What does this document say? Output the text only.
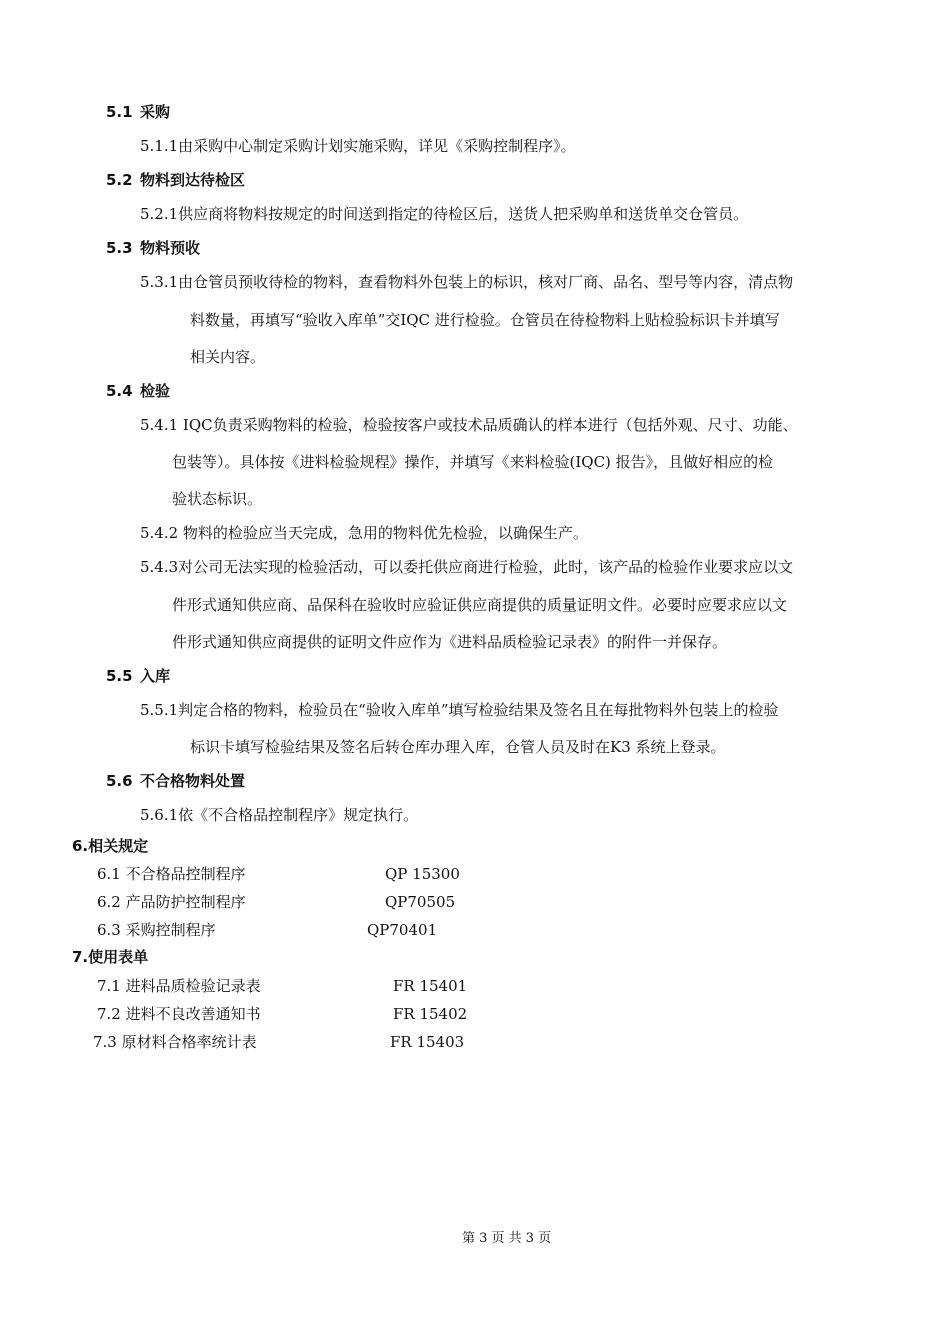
5.1 采购
5.1.1由采购中心制定采购计划实施采购，详见《采购控制程序》。
5.2 物料到达待检区
5.2.1供应商将物料按规定的时间送到指定的待检区后，送货人把采购单和送货单交仓管员。
5.3 物料预收
5.3.1由仓管员预收待检的物料，查看物料外包装上的标识，核对厂商、品名、型号等内容，清点物
料数量，再填写“验收入库单”交IQC 进行检验。仓管员在待检物料上贴检验标识卡并填写
相关内容。
5.4 检验
5.4.1 IQC负责采购物料的检验，检验按客户或技术品质确认的样本进行（包括外观、尺寸、功能、
包装等）。具体按《进料检验规程》操作，并填写《来料检验(IQC) 报告》，且做好相应的检
验状态标识。
5.4.2 物料的检验应当天完成，急用的物料优先检验，以确保生产。
5.4.3对公司无法实现的检验活动，可以委托供应商进行检验，此时，该产品的检验作业要求应以文
件形式通知供应商、品保科在验收时应验证供应商提供的质量证明文件。必要时应要求应以文
件形式通知供应商提供的证明文件应作为《进料品质检验记录表》的附件一并保存。
5.5 入库
5.5.1判定合格的物料，检验员在“验收入库单”填写检验结果及签名且在每批物料外包装上的检验
标识卡填写检验结果及签名后转仓库办理入库，仓管人员及时在K3 系统上登录。
5.6 不合格物料处置
5.6.1依《不合格品控制程序》规定执行。
6.相关规定
6.1 不合格品控制程序	QP 15300
6.2 产品防护控制程序	QP70505
6.3 采购控制程序	QP70401
7.使用表单
7.1 进料品质检验记录表	FR 15401
7.2 进料不良改善通知书	FR 15402
7.3 原材料合格率统计表	FR 15403
第 3 页 共 3 页
